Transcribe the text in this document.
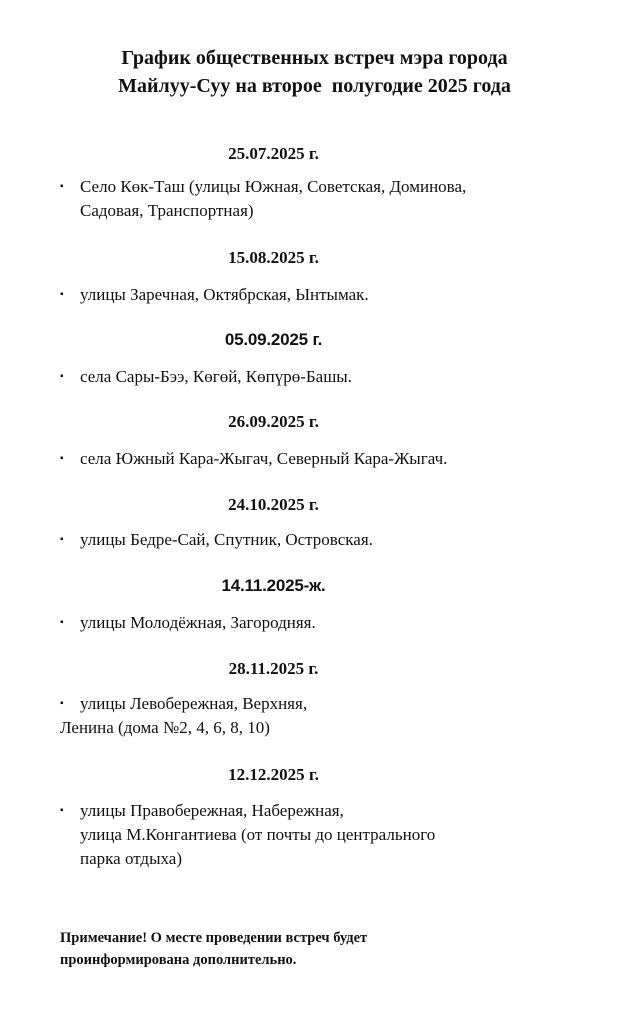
График общественных встреч мэра города
Майлуу-Суу на второе  полугодие 2025 года
25.07.2025 г.
▪ Село Көк-Таш (улицы Южная, Советская, Доминова,
Садовая, Транспортная)
15.08.2025 г.
▪ улицы Заречная, Октябрская, Ынтымак.
05.09.2025 г.
▪ села Сары-Бээ, Көгөй, Көпүрө-Башы.
26.09.2025 г.
▪ села Южный Кара-Жыгач, Северный Кара-Жыгач.
24.10.2025 г.
▪ улицы Бедре-Сай, Спутник, Островская.
14.11.2025-ж.
▪ улицы Молодёжная, Загородняя.
28.11.2025 г.
▪ улицы Левобережная, Верхняя,
Ленина (дома №2, 4, 6, 8, 10)
12.12.2025 г.
▪ улицы Правобережная, Набережная,
улица М.Конгантиева (от почты до центрального
парка отдыха)
Примечание! О месте проведении встреч будет
проинформирована дополнительно.
